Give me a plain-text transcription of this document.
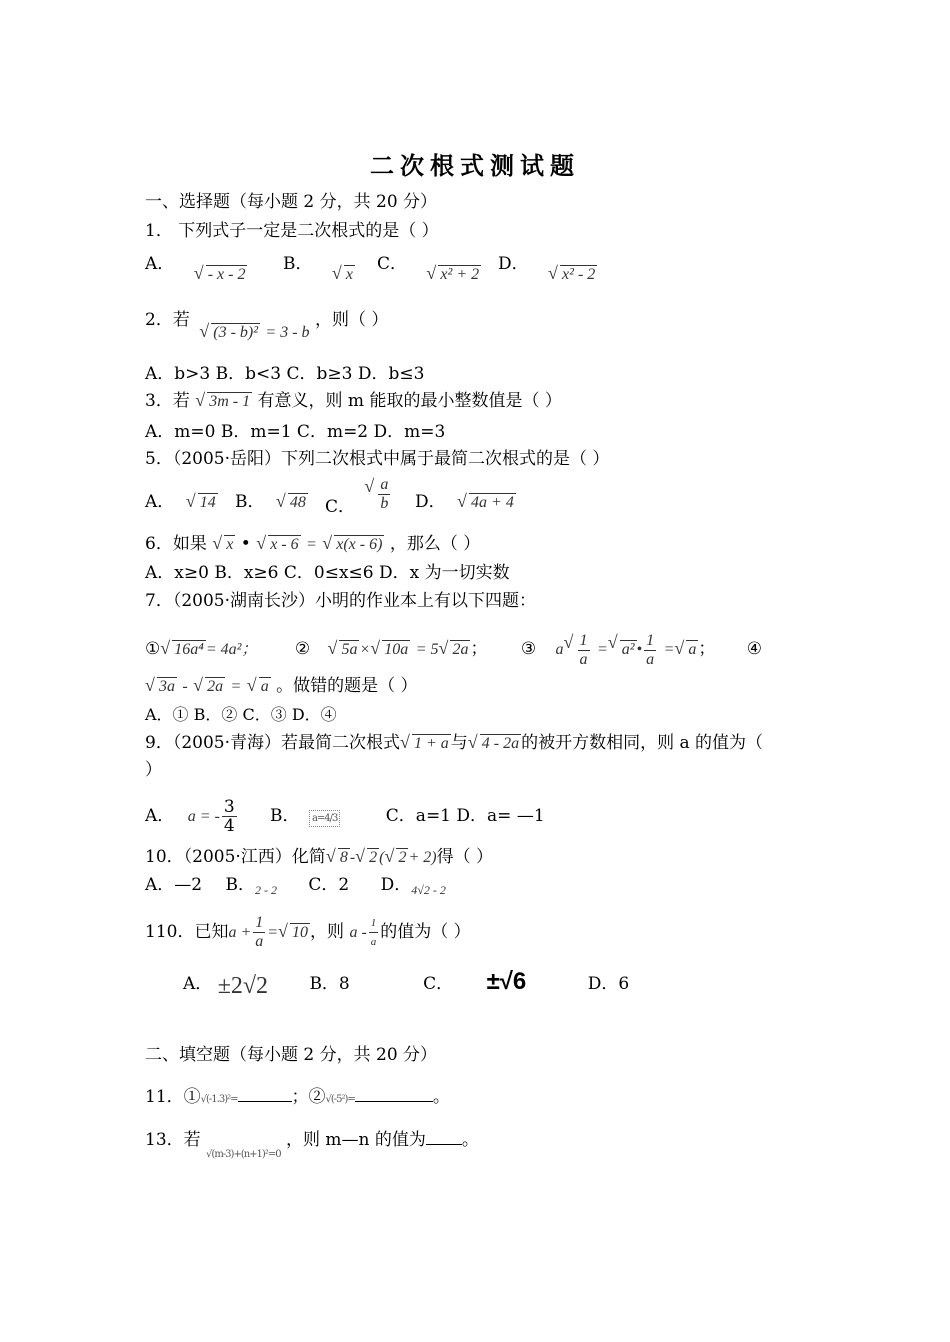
二次根式测试题
一、选择题（每小题 2 分，共 20 分）
1． 下列式子一定是二次根式的是（ ）
A． √ - x - 2
B． √ x
C． √ x² + 2
D． √ x² - 2
2．若 √ (3 - b)² = 3 - b ，则（ ）
A．b>3 B．b<3 C．b≥3 D．b≤3
3．若 √ 3m - 1 有意义，则 m 能取的最小整数值是（ ）
A．m=0 B．m=1 C．m=2 D．m=3
5．（2005·岳阳）下列二次根式中属于最简二次根式的是（ ）
A． √ 14 B． √ 48 C． √ $\frac{a}{b}$ D． √ 4a + 4
6．如果 √ x • √ x - 6 = √ x(x - 6) ，那么（ ）
A．x≥0 B．x≥6 C．0≤x≤6 D．x 为一切实数
7．（2005·湖南长沙）小明的作业本上有以下四题：
① √ 16a⁴ = 4a²； ② √ 5a × √ 10a = 5 √ 2a ； ③ a √ $\frac{1}{a}$ = √ a² • $\frac{1}{a}$ = √ a ； ④
√ 3a - √ 2a = √ a 。做错的题是（ ）
A．① B．② C．③ D．④
9．（2005·青海）若最简二次根式 √ 1 + a 与 √ 4 - 2a 的被开方数相同，则 a 的值为（
）
A． a = - $\frac{3}{4}$ B． a=4/3	C．a=1 D．a= —1
10．（2005·江西）化简 √ 8 - √ 2 ( √ 2 + 2)得（ ）
A．—2 B．$_{2 - 2}$ C．2 D．$_{4√2 - 2}$
110．已知$a + \frac{1}{a}$ = √ 10 ，则 a - $\frac{1}{a}$ 的值为（ ）
A． ±2√2 B．8	C． ±√6	D．6
二、填空题（每小题 2 分，共 20 分）
11．①√(-1.3)²=	；②√(-5²)=	。
13．若 $_{√(m-3)+(n+1)^2=0}$ ，则 m—n 的值为 。
